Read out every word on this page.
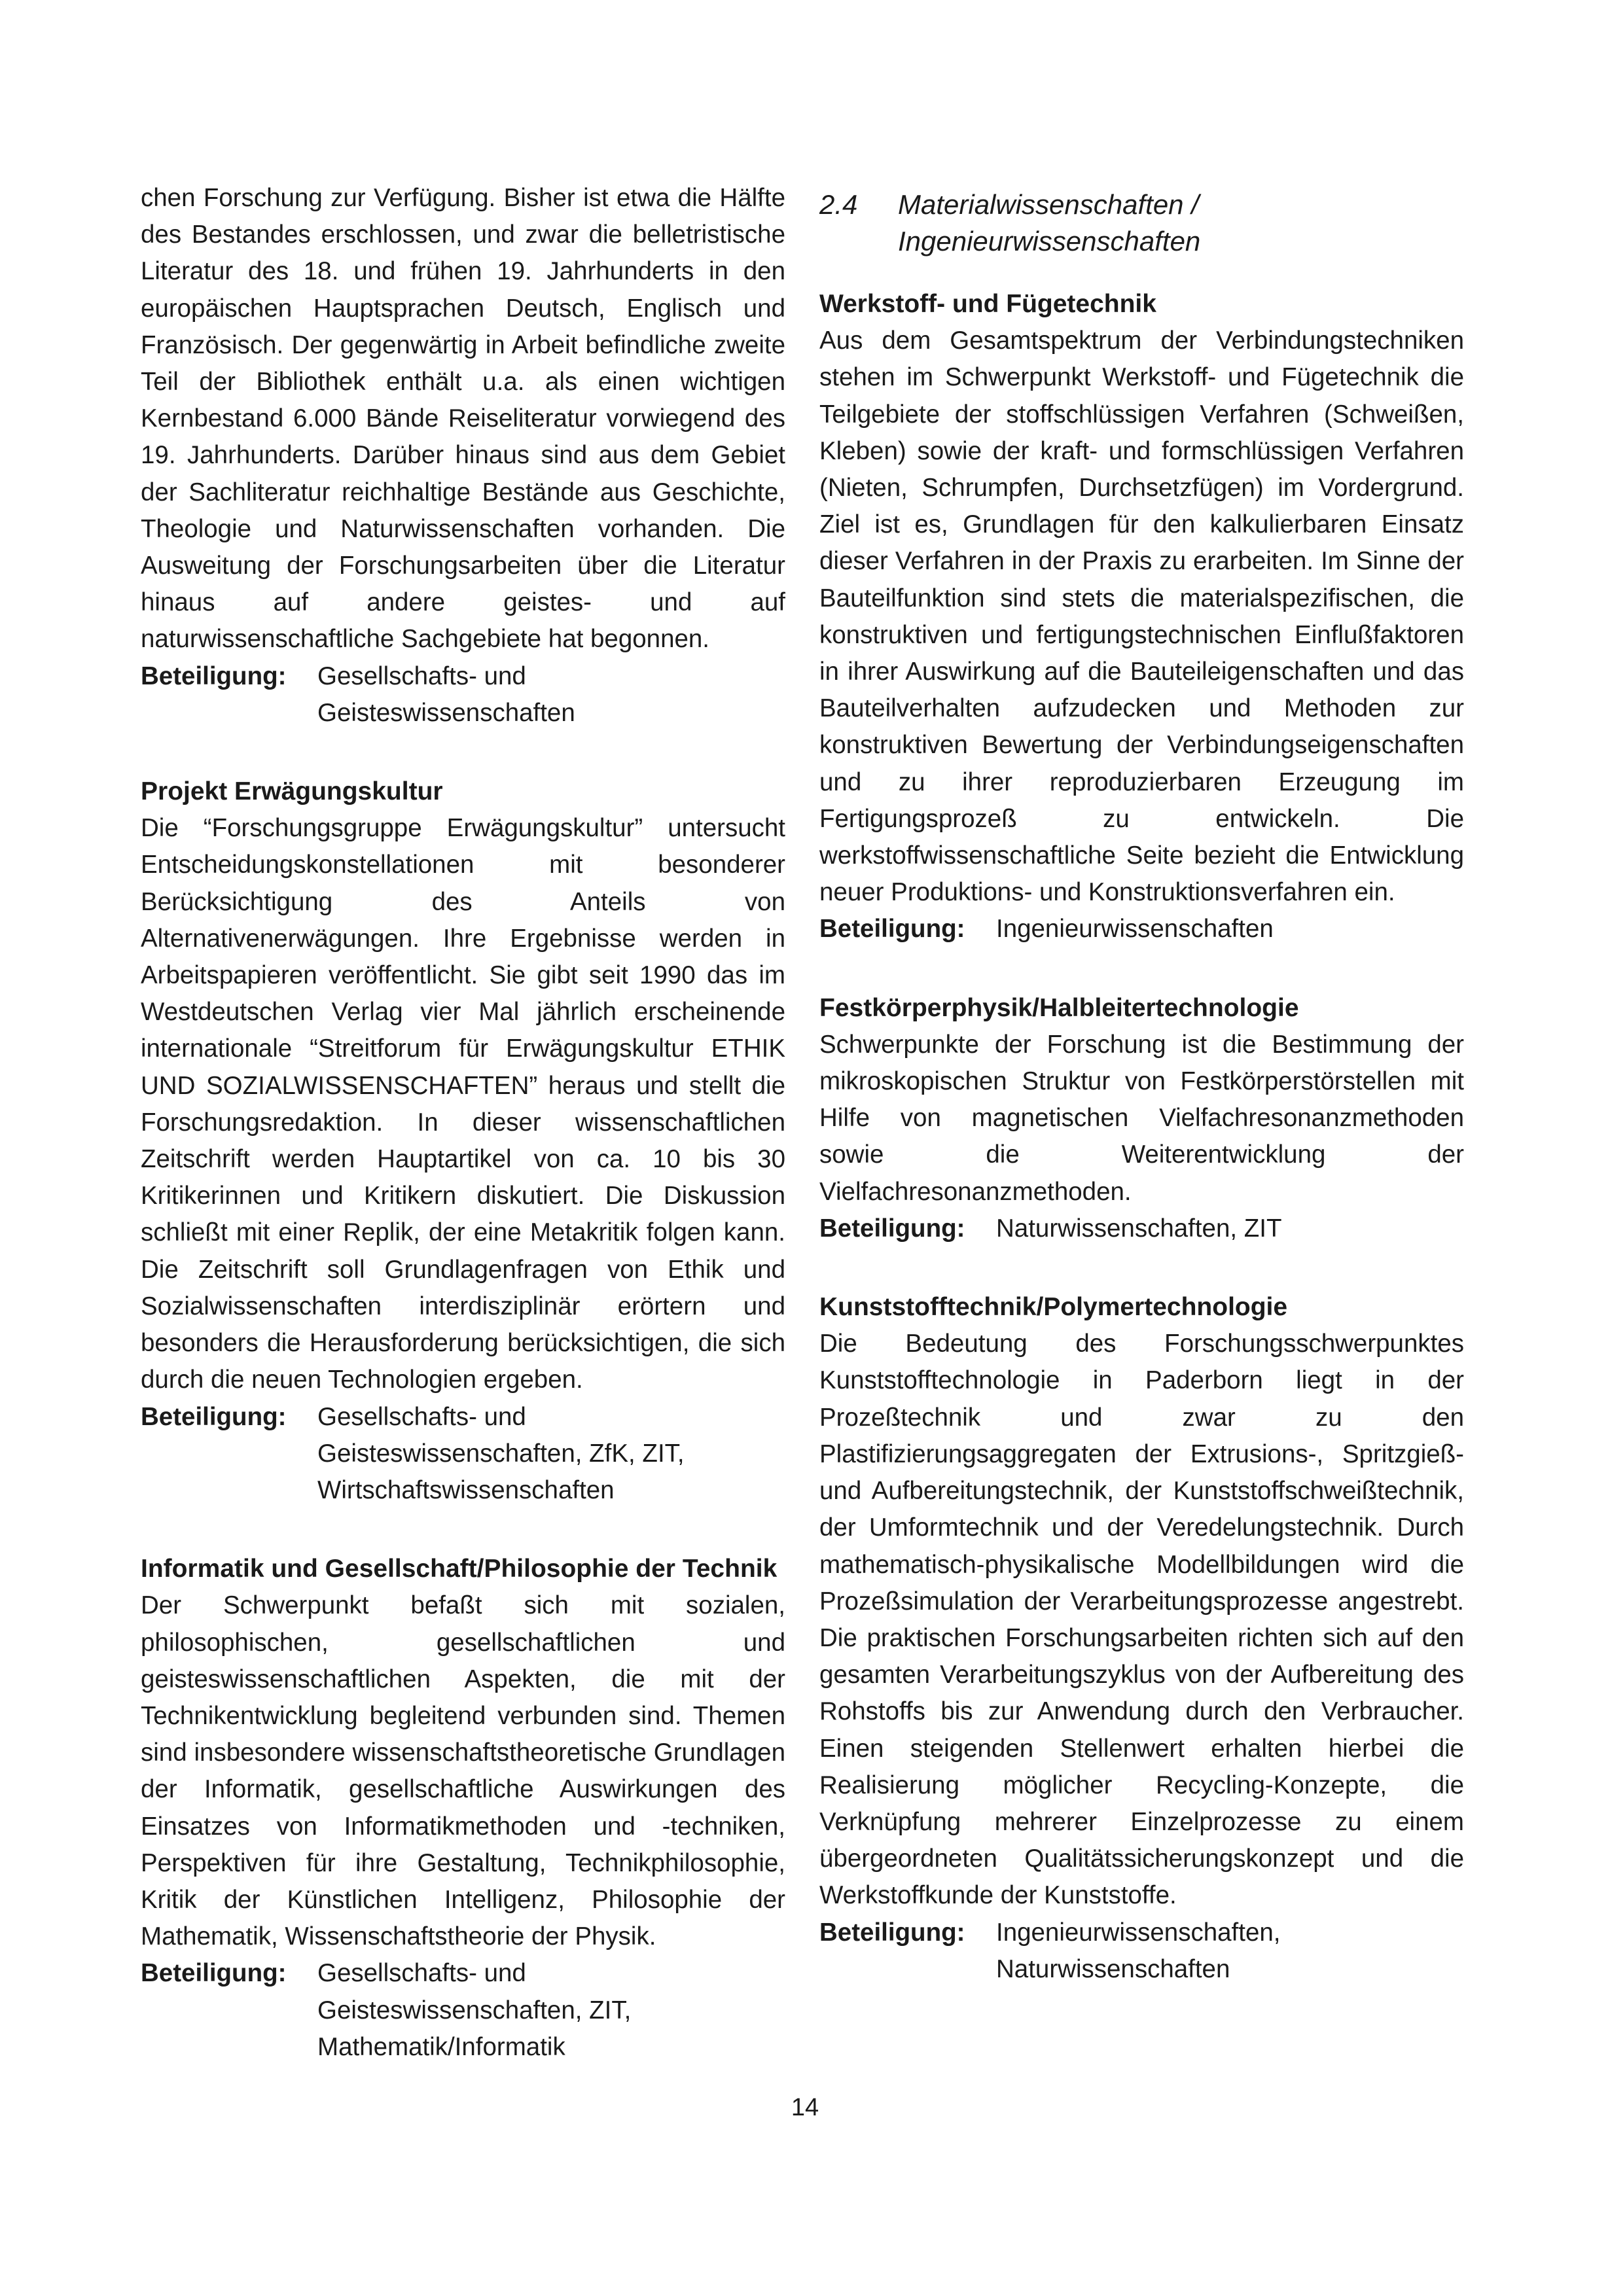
chen Forschung zur Verfügung. Bisher ist etwa die Hälfte des Bestandes erschlossen, und zwar die belletristische Literatur des 18. und frühen 19. Jahrhunderts in den europäischen Hauptsprachen Deutsch, Englisch und Französisch. Der gegenwärtig in Arbeit befindliche zweite Teil der Bibliothek enthält u.a. als einen wichtigen Kernbestand 6.000 Bände Reiseliteratur vorwiegend des 19. Jahrhunderts. Darüber hinaus sind aus dem Gebiet der Sachliteratur reichhaltige Bestände aus Geschichte, Theologie und Naturwissenschaften vorhanden. Die Ausweitung der Forschungsarbeiten über die Literatur hinaus auf andere geistes- und auf naturwissenschaftliche Sachgebiete hat begonnen.

Beteiligung:	Gesellschafts- und
Geisteswissenschaften
Projekt Erwägungskultur

Die “Forschungsgruppe Erwägungskultur” untersucht Entscheidungskonstellationen mit besonderer Berücksichtigung des Anteils von Alternativenerwägungen. Ihre Ergebnisse werden in Arbeitspapieren veröffentlicht. Sie gibt seit 1990 das im Westdeutschen Verlag vier Mal jährlich erscheinende internationale “Streitforum für Erwägungskultur ETHIK UND SOZIALWISSENSCHAFTEN” heraus und stellt die Forschungsredaktion. In dieser wissenschaftlichen Zeitschrift werden Hauptartikel von ca. 10 bis 30 Kritikerinnen und Kritikern diskutiert. Die Diskussion schließt mit einer Replik, der eine Metakritik folgen kann. Die Zeitschrift soll Grundlagenfragen von Ethik und Sozialwissenschaften interdisziplinär erörtern und besonders die Herausforderung berücksichtigen, die sich durch die neuen Technologien ergeben.

Beteiligung:	Gesellschafts- und
Geisteswissenschaften, ZfK, ZIT,
Wirtschaftswissenschaften
Informatik und Gesellschaft/Philosophie der Technik

Der Schwerpunkt befaßt sich mit sozialen, philosophischen, gesellschaftlichen und geisteswissenschaftlichen Aspekten, die mit der Technikentwicklung begleitend verbunden sind. Themen sind insbesondere wissenschaftstheoretische Grundlagen der Informatik, gesellschaftliche Auswirkungen des Einsatzes von Informatikmethoden und -techniken, Perspektiven für ihre Gestaltung, Technikphilosophie, Kritik der Künstlichen Intelligenz, Philosophie der Mathematik, Wissenschaftstheorie der Physik.

Beteiligung:	Gesellschafts- und
Geisteswissenschaften, ZIT,
Mathematik/Informatik
2.4	Materialwissenschaften /
Ingenieurwissenschaften
Werkstoff- und Fügetechnik

Aus dem Gesamtspektrum der Verbindungstechniken stehen im Schwerpunkt Werkstoff- und Fügetechnik die Teilgebiete der stoffschlüssigen Verfahren (Schweißen, Kleben) sowie der kraft- und formschlüssigen Verfahren (Nieten, Schrumpfen, Durchsetzfügen) im Vordergrund. Ziel ist es, Grundlagen für den kalkulierbaren Einsatz dieser Verfahren in der Praxis zu erarbeiten. Im Sinne der Bauteilfunktion sind stets die materialspezifischen, die konstruktiven und fertigungstechnischen Einflußfaktoren in ihrer Auswirkung auf die Bauteileigenschaften und das Bauteilverhalten aufzudecken und Methoden zur konstruktiven Bewertung der Verbindungseigenschaften und zu ihrer reproduzierbaren Erzeugung im Fertigungsprozeß zu entwickeln. Die werkstoffwissenschaftliche Seite bezieht die Entwicklung neuer Produktions- und Konstruktionsverfahren ein.

Beteiligung:	Ingenieurwissenschaften
Festkörperphysik/Halbleitertechnologie

Schwerpunkte der Forschung ist die Bestimmung der mikroskopischen Struktur von Festkörperstörstellen mit Hilfe von magnetischen Vielfachresonanzmethoden sowie die Weiterentwicklung der Vielfachresonanzmethoden.

Beteiligung:	Naturwissenschaften, ZIT
Kunststofftechnik/Polymertechnologie

Die Bedeutung des Forschungsschwerpunktes Kunststofftechnologie in Paderborn liegt in der Prozeßtechnik und zwar zu den Plastifizierungsaggregaten der Extrusions-, Spritzgieß- und Aufbereitungstechnik, der Kunststoffschweißtechnik, der Umformtechnik und der Veredelungstechnik. Durch mathematisch-physikalische Modellbildungen wird die Prozeßsimulation der Verarbeitungsprozesse angestrebt. Die praktischen Forschungsarbeiten richten sich auf den gesamten Verarbeitungszyklus von der Aufbereitung des Rohstoffs bis zur Anwendung durch den Verbraucher. Einen steigenden Stellenwert erhalten hierbei die Realisierung möglicher Recycling-Konzepte, die Verknüpfung mehrerer Einzelprozesse zu einem übergeordneten Qualitätssicherungskonzept und die Werkstoffkunde der Kunststoffe.

Beteiligung:	Ingenieurwissenschaften,
Naturwissenschaften
14
